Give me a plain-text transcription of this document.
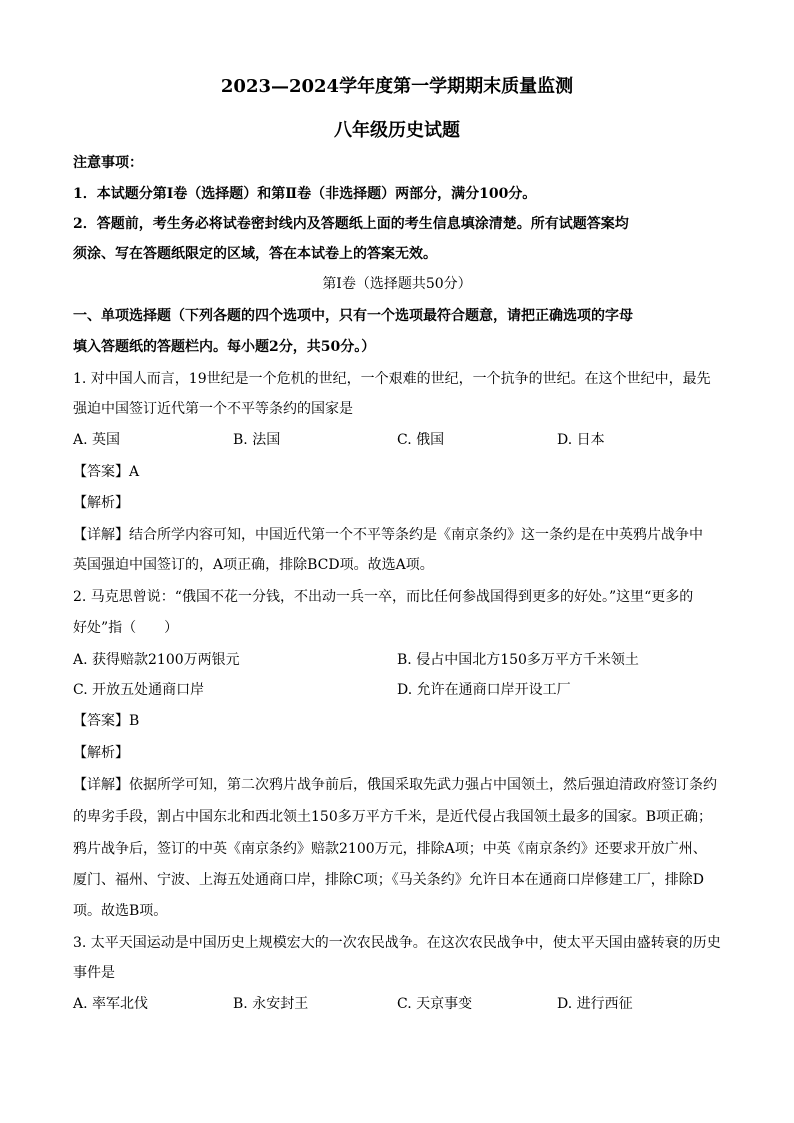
2023—2024学年度第一学期期末质量监测
八年级历史试题
注意事项：
1．本试题分第Ⅰ卷（选择题）和第Ⅱ卷（非选择题）两部分，满分100分。
2．答题前，考生务必将试卷密封线内及答题纸上面的考生信息填涂清楚。所有试题答案均
须涂、写在答题纸限定的区域，答在本试卷上的答案无效。
第Ⅰ卷（选择题共50分）
一、单项选择题（下列各题的四个选项中，只有一个选项最符合题意，请把正确选项的字母
填入答题纸的答题栏内。每小题2分，共50分。）
1. 对中国人而言，19世纪是一个危机的世纪，一个艰难的世纪，一个抗争的世纪。在这个世纪中，最先
强迫中国签订近代第一个不平等条约的国家是
A. 英国	B. 法国	C. 俄国	D. 日本
【答案】A
【解析】
【详解】结合所学内容可知，中国近代第一个不平等条约是《南京条约》这一条约是在中英鸦片战争中
英国强迫中国签订的，A项正确，排除BCD项。故选A项。
2. 马克思曾说：“俄国不花一分钱，不出动一兵一卒，而比任何参战国得到更多的好处。”这里“更多的
好处”指（　　）
A. 获得赔款2100万两银元	B. 侵占中国北方150多万平方千米领土
C. 开放五处通商口岸	D. 允许在通商口岸开设工厂
【答案】B
【解析】
【详解】依据所学可知，第二次鸦片战争前后，俄国采取先武力强占中国领土，然后强迫清政府签订条约
的卑劣手段，割占中国东北和西北领土150多万平方千米，是近代侵占我国领土最多的国家。B项正确；
鸦片战争后，签订的中英《南京条约》赔款2100万元，排除A项；中英《南京条约》还要求开放广州、
厦门、福州、宁波、上海五处通商口岸，排除C项；《马关条约》允许日本在通商口岸修建工厂，排除D
项。故选B项。
3. 太平天国运动是中国历史上规模宏大的一次农民战争。在这次农民战争中，使太平天国由盛转衰的历史
事件是
A. 率军北伐	B. 永安封王	C. 天京事变	D. 进行西征
